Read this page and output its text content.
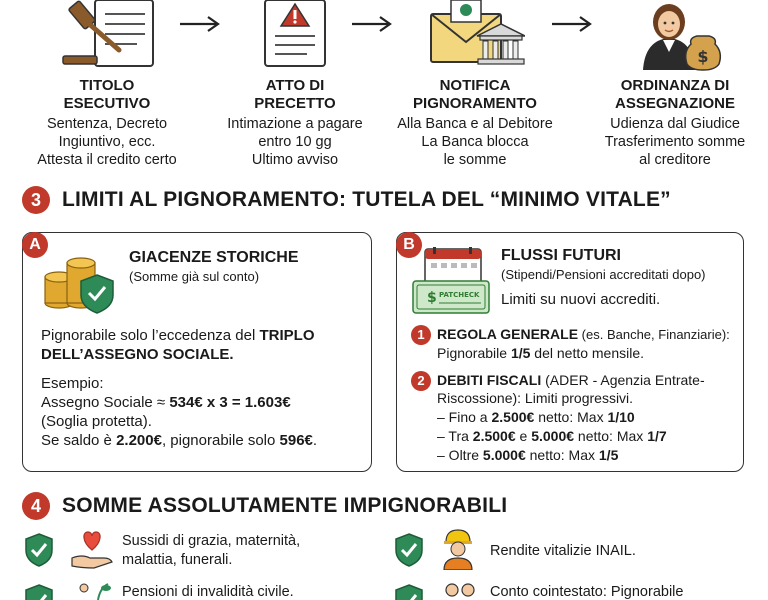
TITOLO
ESECUTIVO
Sentenza, Decreto
Ingiuntivo, ecc.
Attesta il credito certo
ATTO DI
PRECETTO
Intimazione a pagare
entro 10 gg
Ultimo avviso
NOTIFICA
PIGNORAMENTO
Alla Banca e al Debitore
La Banca blocca
le somme
$
ORDINANZA DI
ASSEGNAZIONE
Udienza dal Giudice
Trasferimento somme
al creditore
3	LIMITI AL PIGNORAMENTO: TUTELA DEL “MINIMO VITALE”
A
GIACENZE STORICHE
(Somme già sul conto)
Pignorabile solo l’eccedenza del TRIPLO
DELL’ASSEGNO SOCIALE.
Esempio:
Assegno Sociale ≈ 534€ x 3 = 1.603€
(Soglia protetta).
Se saldo è 2.200€, pignorabile solo 596€.
B
$ PATCHECK
FLUSSI FUTURI
(Stipendi/Pensioni accreditati dopo)
Limiti su nuovi accrediti.
1 REGOLA GENERALE (es. Banche, Finanziarie):
Pignorabile 1/5 del netto mensile.
2 DEBITI FISCALI (ADER - Agenzia Entrate-
Riscossione): Limiti progressivi.
– Fino a 2.500€ netto: Max 1/10
– Tra 2.500€ e 5.000€ netto: Max 1/7
– Oltre 5.000€ netto: Max 1/5
4	SOMME ASSOLUTAMENTE IMPIGNORABILI
Sussidi di grazia, maternità,
malattia, funerali.
Rendite vitalizie INAIL.
Pensioni di invalidità civile.	Conto cointestato: Pignorabile
